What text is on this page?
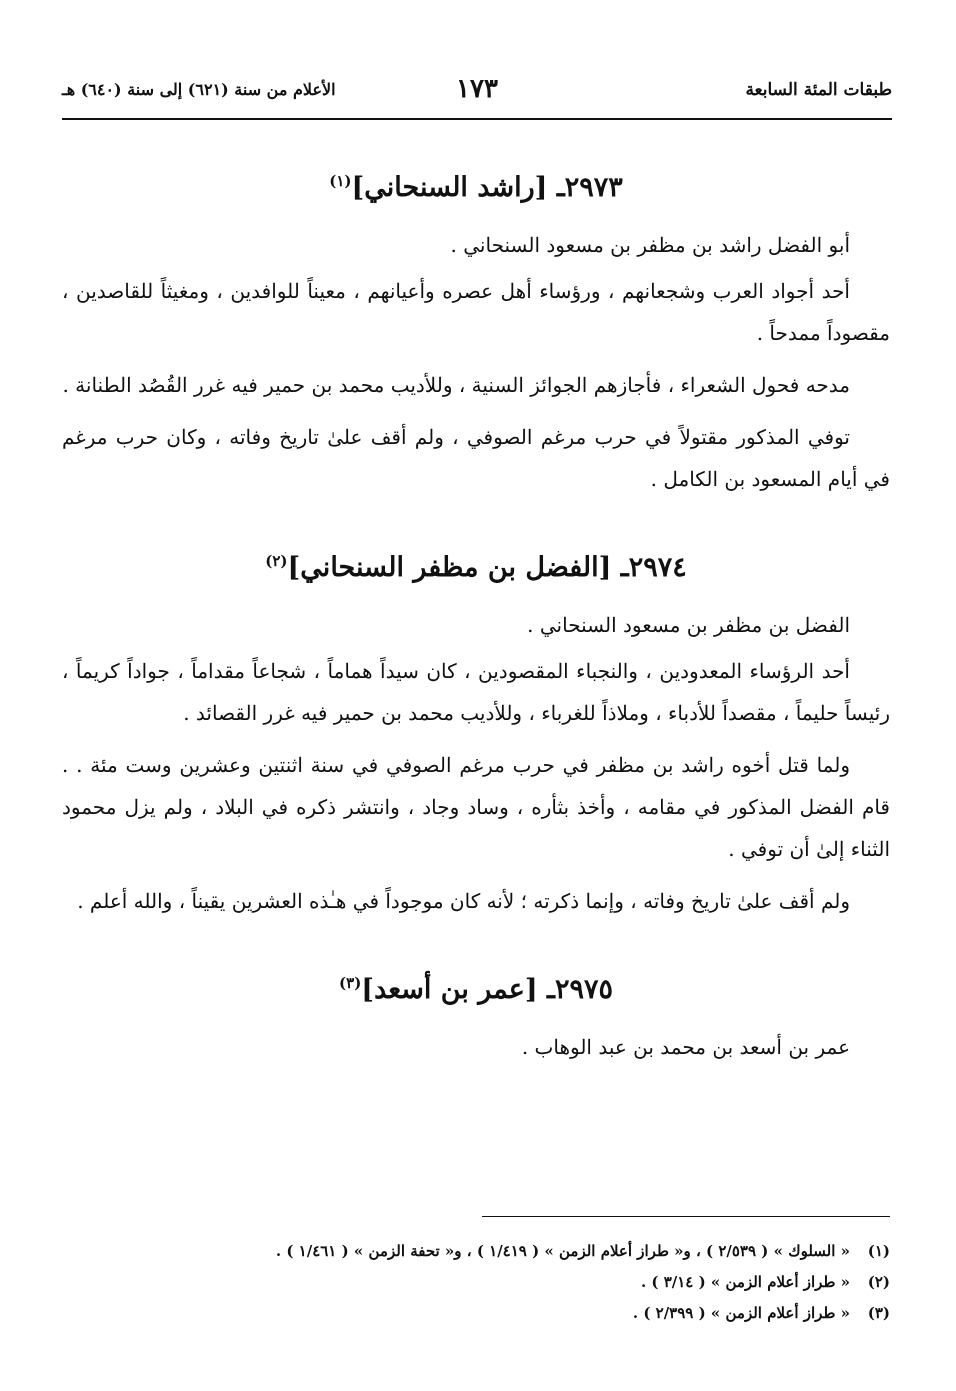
طبقات المئة السابعة
١٧٣
الأعلام من سنة (٦٢١) إلى سنة (٦٤٠) هـ
٢٩٧٣ـ [راشد السنحاني]$^{(١)}$

أبو الفضل راشد بن مظفر بن مسعود السنحاني .

أحد أجواد العرب وشجعانهم ، ورؤساء أهل عصره وأعيانهم ، معيناً للوافدين ، ومغيثاً للقاصدين ، مقصوداً ممدحاً .

مدحه فحول الشعراء ، فأجازهم الجوائز السنية ، وللأديب محمد بن حمير فيه غرر القُصُد الطنانة .

توفي المذكور مقتولاً في حرب مرغم الصوفي ، ولم أقف علىٰ تاريخ وفاته ، وكان حرب مرغم في أيام المسعود بن الكامل .

٢٩٧٤ـ [الفضل بن مظفر السنحاني]$^{(٢)}$

الفضل بن مظفر بن مسعود السنحاني .

أحد الرؤساء المعدودين ، والنجباء المقصودين ، كان سيداً هماماً ، شجاعاً مقداماً ، جواداً كريماً ، رئيساً حليماً ، مقصداً للأدباء ، وملاذاً للغرباء ، وللأديب محمد بن حمير فيه غرر القصائد .

ولما قتل أخوه راشد بن مظفر في حرب مرغم الصوفي في سنة اثنتين وعشرين وست مئة . . قام الفضل المذكور في مقامه ، وأخذ بثأره ، وساد وجاد ، وانتشر ذكره في البلاد ، ولم يزل محمود الثناء إلىٰ أن توفي .

ولم أقف علىٰ تاريخ وفاته ، وإنما ذكرته ؛ لأنه كان موجوداً في هـٰذه العشرين يقيناً ، والله أعلم .

٢٩٧٥ـ [عمر بن أسعد]$^{(٣)}$

عمر بن أسعد بن محمد بن عبد الوهاب .

(١)« السلوك » ( ٢/٥٣٩ ) ، و« طراز أعلام الزمن » ( ١/٤١٩ ) ، و« تحفة الزمن » ( ١/٤٦١ ) .
(٢)« طراز أعلام الزمن » ( ٣/١٤ ) .
(٣)« طراز أعلام الزمن » ( ٢/٣٩٩ ) .
